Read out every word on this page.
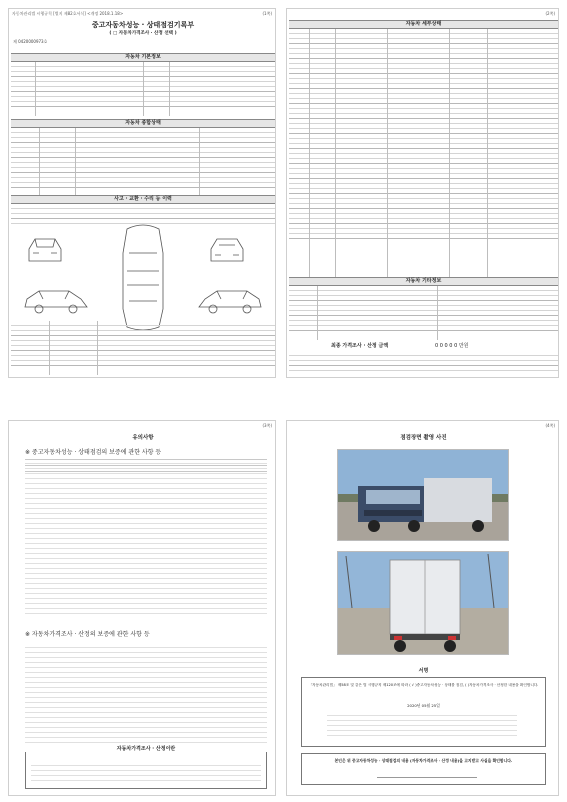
자동차관리법 시행규칙 [별지 제82호서식] <개정 2018.1.18>	(1쪽)
중고자동차성능 · 상태점검기록부
( □ 자동차가격조사 · 산정 선택 )
제 0420000973호
자동차 기본정보
자동차 종합상태
사고 · 교환 · 수리 등 이력
(2쪽)
자동차 세부상태
자동차 기타정보
최종 가격조사 · 산정 금액	0 0 0 0 0 만원
(3쪽)
유의사항
※ 중고자동차성능 · 상태점검의 보증에 관한 사항 등
※ 자동차가격조사 · 산정의 보증에 관한 사항 등
자동차가격조사 · 산정이란
(4쪽)
점검장면 촬영 사진
서명
「자동차관리법」 제58조 및 같은 법 시행규칙 제120조에 따라 ( √ )중고자동차성능 · 상태를 점검, ( )자동차가격조사 · 산정한 내용을 확인합니다.
2020년 05월 25일
본인은 위 중고자동차성능 · 상태점검의 내용 (자동차가격조사 · 산정 내용)을 고지받고 사실을 확인합니다.
